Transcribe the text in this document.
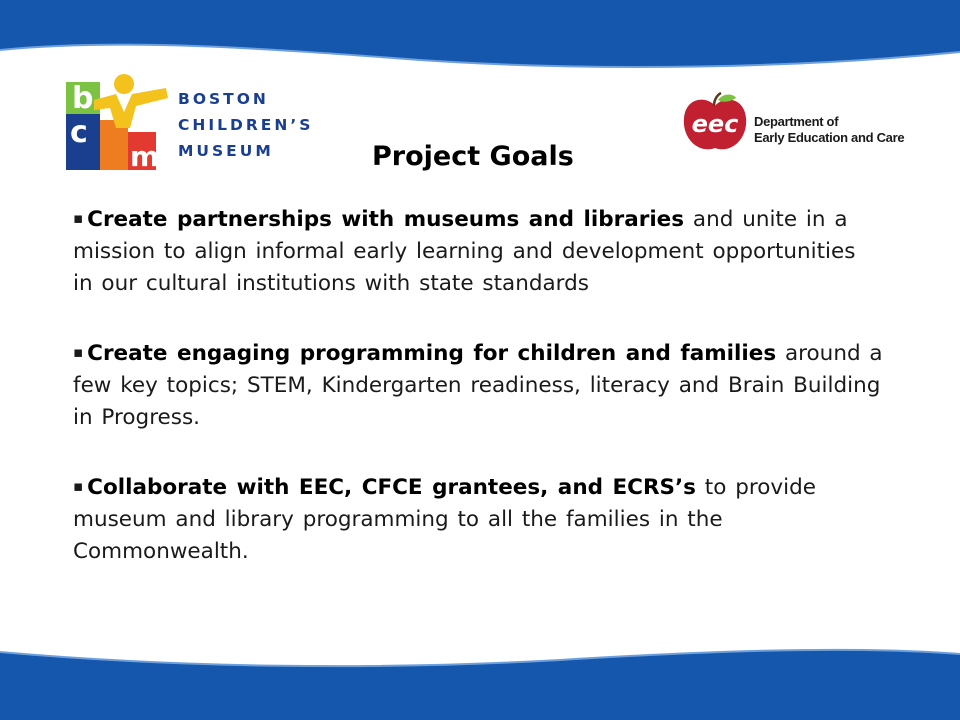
b
c
m
BOSTON
CHILDREN’S
MUSEUM
eec Department of
Early Education and Care
Project Goals

▪ Create partnerships with museums and libraries and unite in a mission to align informal early learning and development opportunities in our cultural institutions with state standards

▪ Create engaging programming for children and families around a few key topics; STEM, Kindergarten readiness, literacy and Brain Building in Progress.

▪ Collaborate with EEC, CFCE grantees, and ECRS’s to provide museum and library programming to all the families in the Commonwealth.
